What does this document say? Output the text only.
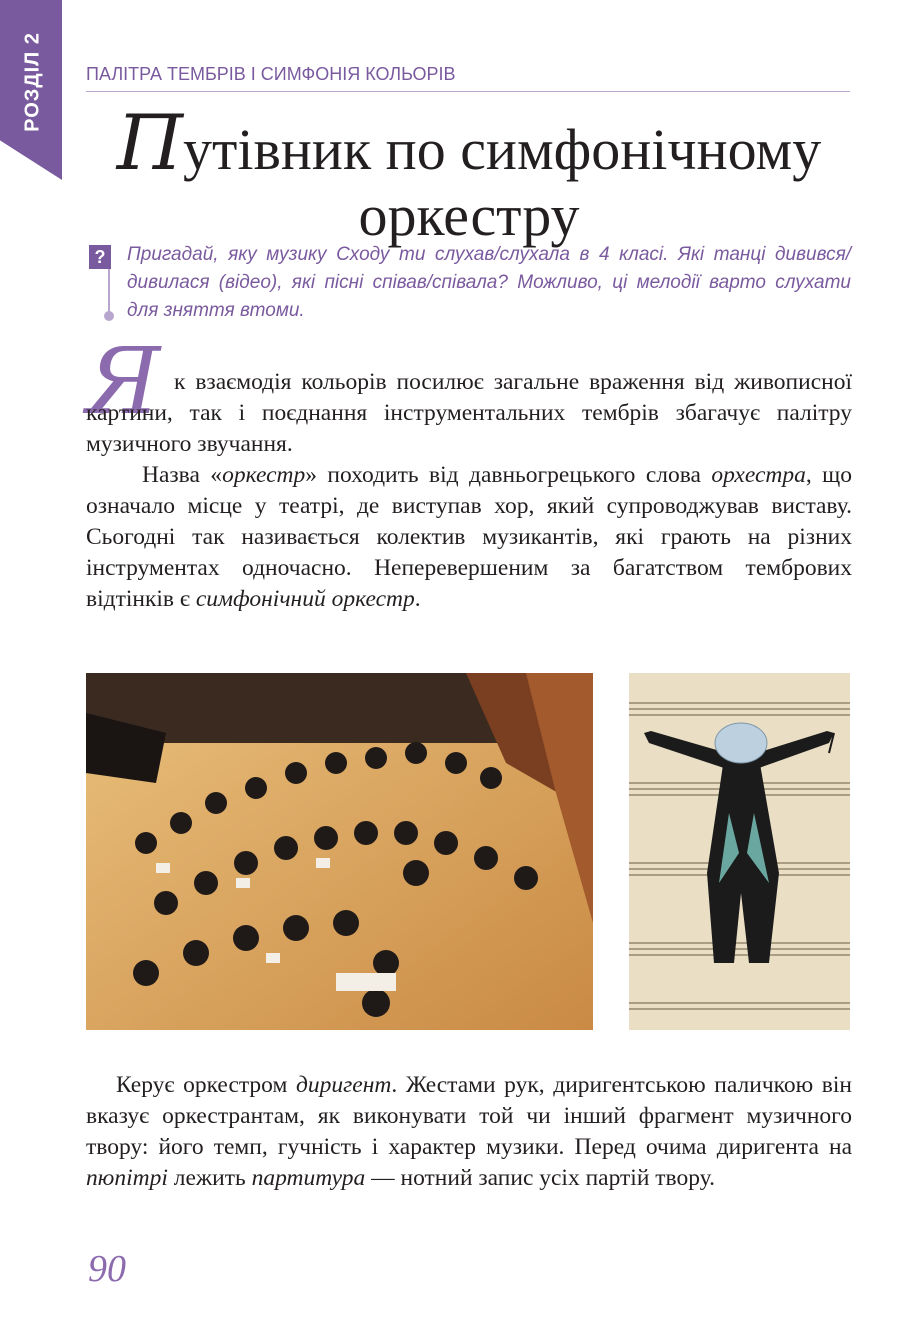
РОЗДІЛ 2 ПАЛІТРА ТЕМБРІВ І СИМФОНІЯ КОЛЬОРІВ
Путівник по симфонічному оркестру
? Пригадай, яку музику Сходу ти слухав/слухала в 4 класі. Які танці дивився/дивилася (відео), які пісні співав/співала? Можливо, ці мелодії варто слухати для зняття втоми.
Я к взаємодія кольорів посилює загальне враження від живописної картини, так і поєднання інструментальних тембрів збагачує палітру музичного звучання.
Назва «оркестр» походить від давньогрецького слова орхестра, що означало місце у театрі, де виступав хор, який супроводжував виставу. Сьогодні так називається колектив музикантів, які грають на різних інструментах одночасно. Неперевершеним за багатством тембрових відтінків є симфонічний оркестр.
Керує оркестром диригент. Жестами рук, диригентською паличкою він вказує оркестрантам, як виконувати той чи інший фрагмент музичного твору: його темп, гучність і характер музики. Перед очима диригента на пюпітрі лежить партитура — нотний запис усіх партій твору.
90
